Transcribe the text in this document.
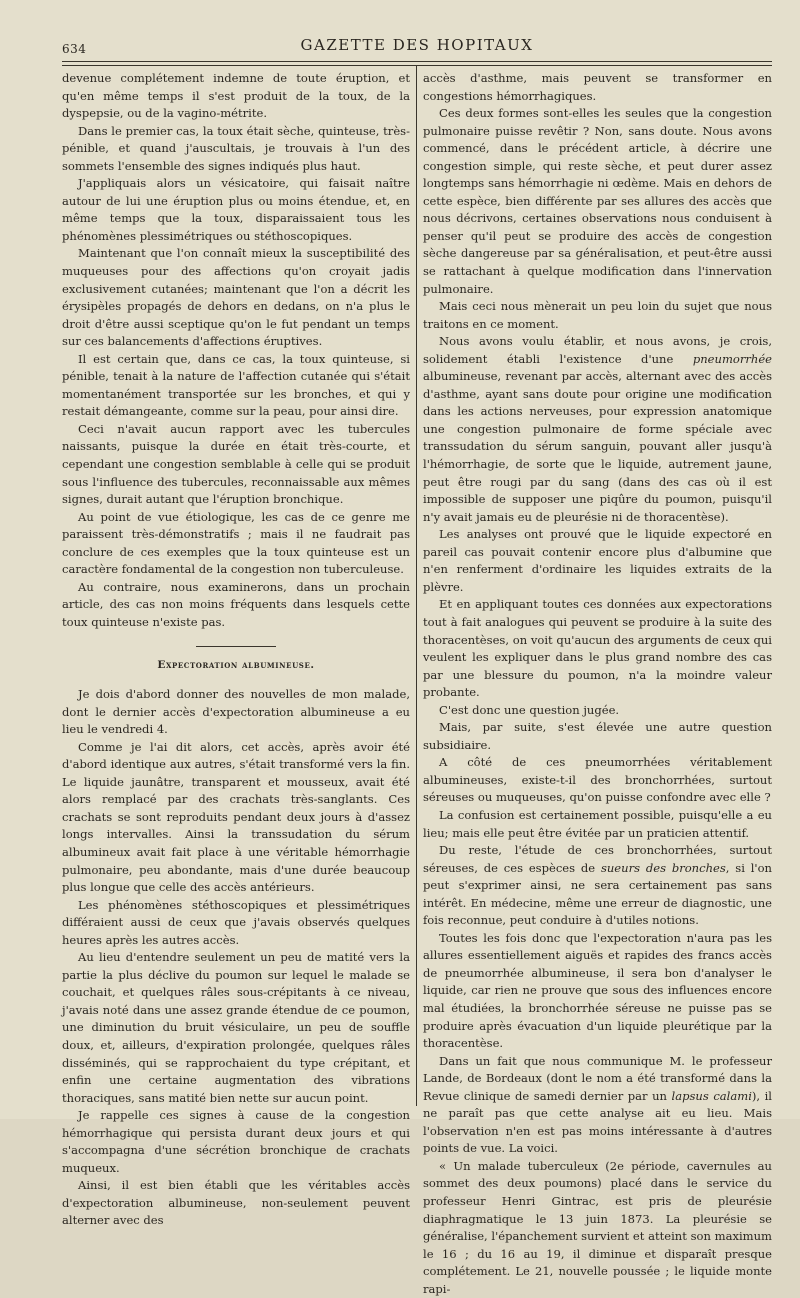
634	GAZETTE DES HOPITAUX

devenue complétement indemne de toute éruption, et qu'en même temps il s'est produit de la toux, de la dyspepsie, ou de la vagino-métrite.

Dans le premier cas, la toux était sèche, quinteuse, très-pénible, et quand j'auscultais, je trouvais à l'un des sommets l'ensemble des signes indiqués plus haut.

J'appliquais alors un vésicatoire, qui faisait naître autour de lui une éruption plus ou moins étendue, et, en même temps que la toux, disparaissaient tous les phénomènes plessimétriques ou stéthoscopiques.

Maintenant que l'on connaît mieux la susceptibilité des muqueuses pour des affections qu'on croyait jadis exclusivement cutanées; maintenant que l'on a décrit les érysipèles propagés de dehors en dedans, on n'a plus le droit d'être aussi sceptique qu'on le fut pendant un temps sur ces balancements d'affections éruptives.

Il est certain que, dans ce cas, la toux quinteuse, si pénible, tenait à la nature de l'affection cutanée qui s'était momentanément transportée sur les bronches, et qui y restait démangeante, comme sur la peau, pour ainsi dire.

Ceci n'avait aucun rapport avec les tubercules naissants, puisque la durée en était très-courte, et cependant une congestion semblable à celle qui se produit sous l'influence des tubercules, reconnaissable aux mêmes signes, durait autant que l'éruption bronchique.

Au point de vue étiologique, les cas de ce genre me paraissent très-démonstratifs ; mais il ne faudrait pas conclure de ces exemples que la toux quinteuse est un caractère fondamental de la congestion non tuberculeuse.

Au contraire, nous examinerons, dans un prochain article, des cas non moins fréquents dans lesquels cette toux quinteuse n'existe pas.

Expectoration albumineuse.

Je dois d'abord donner des nouvelles de mon malade, dont le dernier accès d'expectoration albumineuse a eu lieu le vendredi 4.

Comme je l'ai dit alors, cet accès, après avoir été d'abord identique aux autres, s'était transformé vers la fin. Le liquide jaunâtre, transparent et mousseux, avait été alors remplacé par des crachats très-sanglants. Ces crachats se sont reproduits pendant deux jours à d'assez longs intervalles. Ainsi la transsudation du sérum albumineux avait fait place à une véritable hémorrhagie pulmonaire, peu abondante, mais d'une durée beaucoup plus longue que celle des accès antérieurs.

Les phénomènes stéthoscopiques et plessimétriques différaient aussi de ceux que j'avais observés quelques heures après les autres accès.

Au lieu d'entendre seulement un peu de matité vers la partie la plus déclive du poumon sur lequel le malade se couchait, et quelques râles sous-crépitants à ce niveau, j'avais noté dans une assez grande étendue de ce poumon, une diminution du bruit vésiculaire, un peu de souffle doux, et, ailleurs, d'expiration prolongée, quelques râles disséminés, qui se rapprochaient du type crépitant, et enfin une certaine augmentation des vibrations thoraciques, sans matité bien nette sur aucun point.

Je rappelle ces signes à cause de la congestion hémorrhagique qui persista durant deux jours et qui s'accompagna d'une sécrétion bronchique de crachats muqueux.

Ainsi, il est bien établi que les véritables accès d'expectoration albumineuse, non-seulement peuvent alterner avec des

accès d'asthme, mais peuvent se transformer en congestions hémorrhagiques.

Ces deux formes sont-elles les seules que la congestion pulmonaire puisse revêtir ? Non, sans doute. Nous avons commencé, dans le précédent article, à décrire une congestion simple, qui reste sèche, et peut durer assez longtemps sans hémorrhagie ni œdème. Mais en dehors de cette espèce, bien différente par ses allures des accès que nous décrivons, certaines observations nous conduisent à penser qu'il peut se produire des accès de congestion sèche dangereuse par sa généralisation, et peut-être aussi se rattachant à quelque modification dans l'innervation pulmonaire.

Mais ceci nous mènerait un peu loin du sujet que nous traitons en ce moment.

Nous avons voulu établir, et nous avons, je crois, solidement établi l'existence d'une pneumorrhée albumineuse, revenant par accès, alternant avec des accès d'asthme, ayant sans doute pour origine une modification dans les actions nerveuses, pour expression anatomique une congestion pulmonaire de forme spéciale avec transsudation du sérum sanguin, pouvant aller jusqu'à l'hémorrhagie, de sorte que le liquide, autrement jaune, peut être rougi par du sang (dans des cas où il est impossible de supposer une piqûre du poumon, puisqu'il n'y avait jamais eu de pleurésie ni de thoracentèse).

Les analyses ont prouvé que le liquide expectoré en pareil cas pouvait contenir encore plus d'albumine que n'en renferment d'ordinaire les liquides extraits de la plèvre.

Et en appliquant toutes ces données aux expectorations tout à fait analogues qui peuvent se produire à la suite des thoracentèses, on voit qu'aucun des arguments de ceux qui veulent les expliquer dans le plus grand nombre des cas par une blessure du poumon, n'a la moindre valeur probante.

C'est donc une question jugée.

Mais, par suite, s'est élevée une autre question subsidiaire.

A côté de ces pneumorrhées véritablement albumineuses, existe-t-il des bronchorrhées, surtout séreuses ou muqueuses, qu'on puisse confondre avec elle ?

La confusion est certainement possible, puisqu'elle a eu lieu; mais elle peut être évitée par un praticien attentif.

Du reste, l'étude de ces bronchorrhées, surtout séreuses, de ces espèces de sueurs des bronches, si l'on peut s'exprimer ainsi, ne sera certainement pas sans intérêt. En médecine, même une erreur de diagnostic, une fois reconnue, peut conduire à d'utiles notions.

Toutes les fois donc que l'expectoration n'aura pas les allures essentiellement aiguës et rapides des francs accès de pneumorrhée albumineuse, il sera bon d'analyser le liquide, car rien ne prouve que sous des influences encore mal étudiées, la bronchorrhée séreuse ne puisse pas se produire après évacuation d'un liquide pleurétique par la thoracentèse.

Dans un fait que nous communique M. le professeur Lande, de Bordeaux (dont le nom a été transformé dans la Revue clinique de samedi dernier par un lapsus calami), il ne paraît pas que cette analyse ait eu lieu. Mais l'observation n'en est pas moins intéressante à d'autres points de vue. La voici.

« Un malade tuberculeux (2e période, cavernules au sommet des deux poumons) placé dans le service du professeur Henri Gintrac, est pris de pleurésie diaphragmatique le 13 juin 1873. La pleurésie se généralise, l'épanchement survient et atteint son maximum le 16 ; du 16 au 19, il diminue et disparaît presque complétement. Le 21, nouvelle poussée ; le liquide monte rapi-
